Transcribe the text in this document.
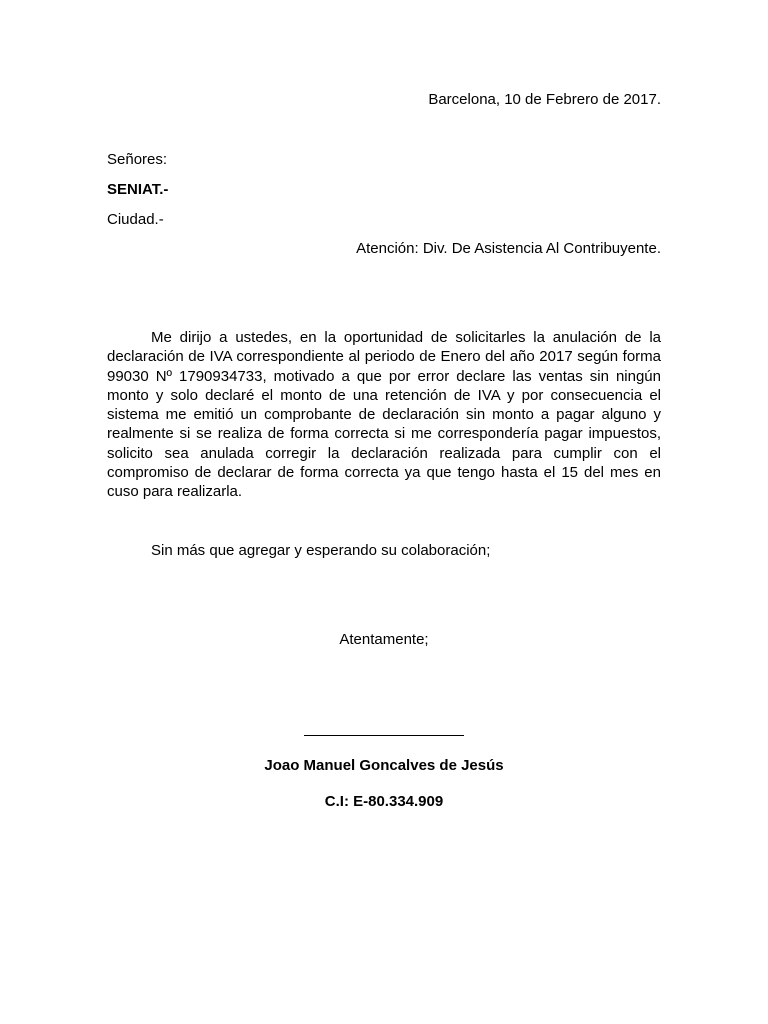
Barcelona, 10 de Febrero de 2017.
Señores:
SENIAT.-
Ciudad.-
Atención: Div. De Asistencia Al Contribuyente.

Me dirijo a ustedes, en la oportunidad de solicitarles la anulación de la declaración de IVA correspondiente al periodo de Enero del año 2017 según forma 99030 Nº 1790934733, motivado a que por error declare las ventas sin ningún monto y solo declaré el monto de una retención de IVA y por consecuencia el sistema me emitió un comprobante de declaración sin monto a pagar alguno y realmente si se realiza de forma correcta si me correspondería pagar impuestos, solicito sea anulada corregir la declaración realizada para cumplir con el compromiso de declarar de forma correcta ya que tengo hasta el 15 del mes en cuso para realizarla.

Sin más que agregar y esperando su colaboración;
Atentamente;
Joao Manuel Goncalves de Jesús
C.I: E-80.334.909
